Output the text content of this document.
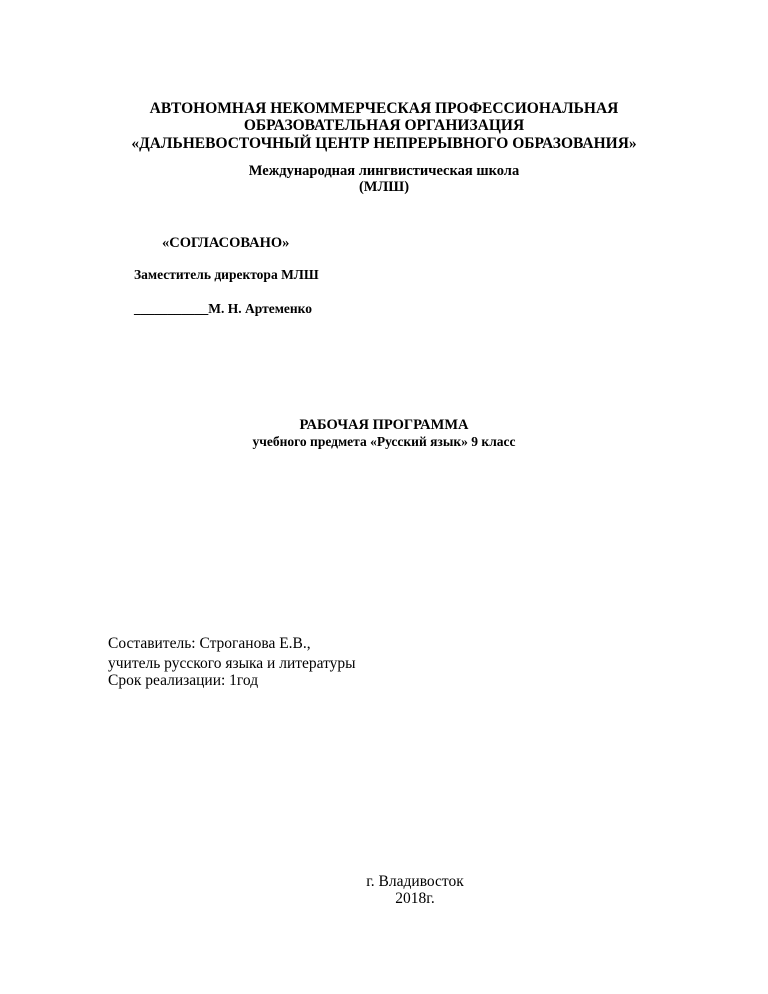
АВТОНОМНАЯ НЕКОММЕРЧЕСКАЯ ПРОФЕССИОНАЛЬНАЯ
ОБРАЗОВАТЕЛЬНАЯ ОРГАНИЗАЦИЯ
«ДАЛЬНЕВОСТОЧНЫЙ ЦЕНТР НЕПРЕРЫВНОГО ОБРАЗОВАНИЯ»
Международная лингвистическая школа
(МЛШ)
«СОГЛАСОВАНО»
Заместитель директора МЛШ
___________М. Н. Артеменко
РАБОЧАЯ ПРОГРАММА
учебного предмета «Русский язык» 9 класс
Составитель: Строганова Е.В.,
учитель русского языка и литературы
Срок реализации: 1год
г. Владивосток
2018г.
